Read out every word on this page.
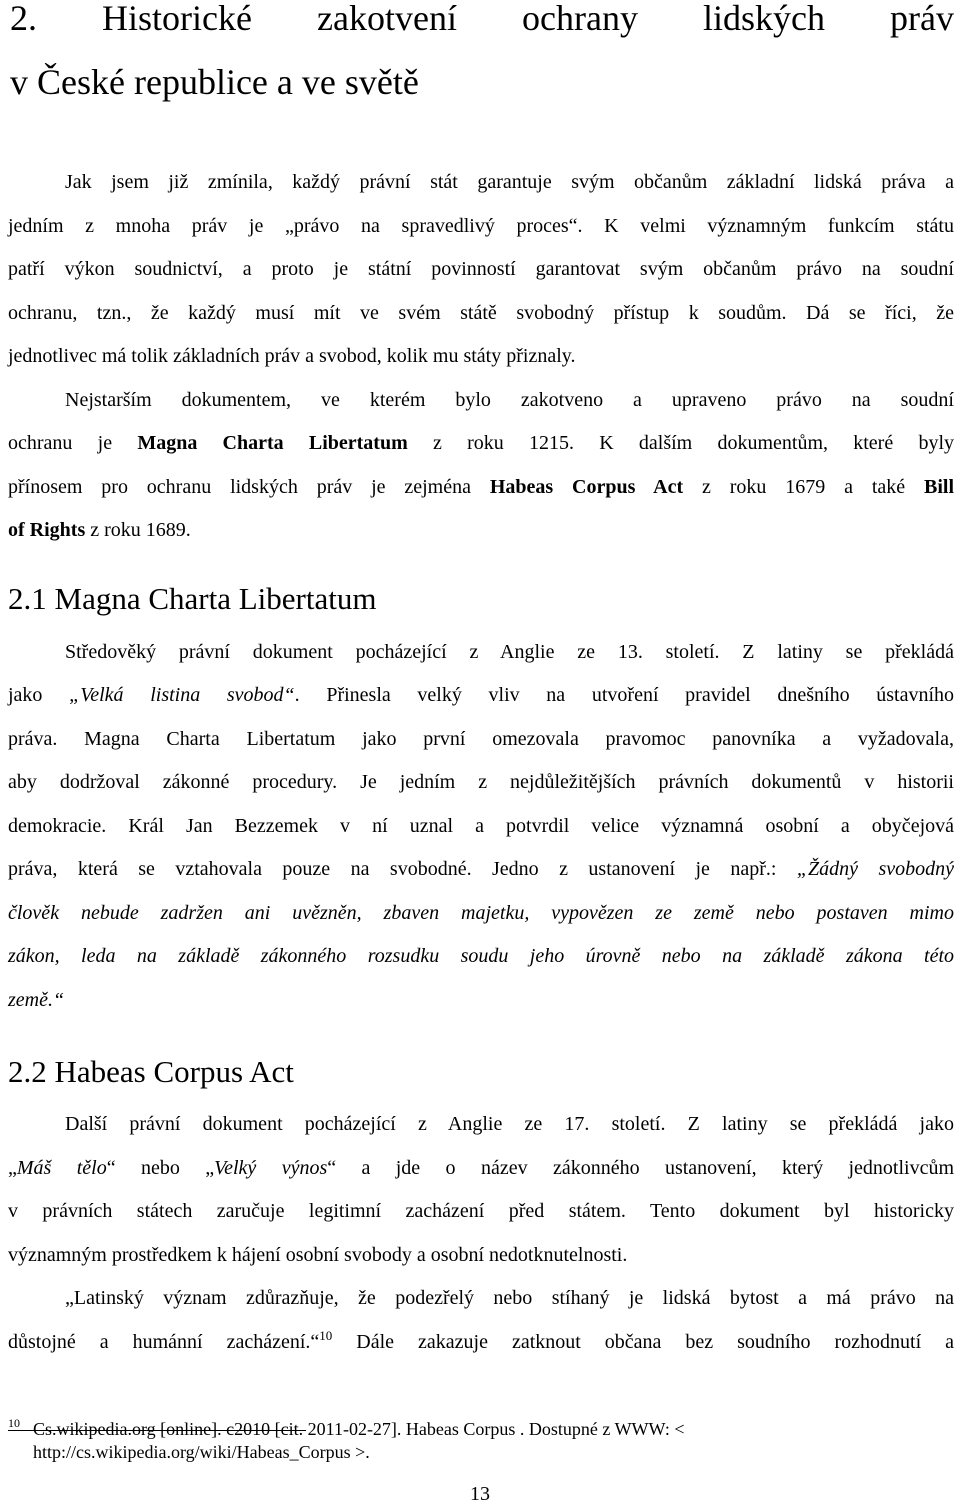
2. Historické zakotvení ochrany lidských práv
v České republice a ve světě
Jak jsem již zmínila, každý právní stát garantuje svým občanům základní lidská práva a
jedním z mnoha práv je „právo na spravedlivý proces“. K velmi významným funkcím státu
patří výkon soudnictví, a proto je státní povinností garantovat svým občanům právo na soudní
ochranu, tzn., že každý musí mít ve svém státě svobodný přístup k soudům. Dá se říci, že
jednotlivec má tolik základních práv a svobod, kolik mu státy přiznaly.
Nejstarším dokumentem, ve kterém bylo zakotveno a upraveno právo na soudní
ochranu je Magna Charta Libertatum z roku 1215. K dalším dokumentům, které byly
přínosem pro ochranu lidských práv je zejména Habeas Corpus Act z roku 1679 a také Bill
of Rights z roku 1689.
2.1 Magna Charta Libertatum
Středověký právní dokument pocházející z Anglie ze 13. století. Z latiny se překládá
jako „Velká listina svobod“. Přinesla velký vliv na utvoření pravidel dnešního ústavního
práva. Magna Charta Libertatum jako první omezovala pravomoc panovníka a vyžadovala,
aby dodržoval zákonné procedury. Je jedním z nejdůležitějších právních dokumentů v historii
demokracie. Král Jan Bezzemek v ní uznal a potvrdil velice významná osobní a obyčejová
práva, která se vztahovala pouze na svobodné. Jedno z ustanovení je např.: „Žádný svobodný
člověk nebude zadržen ani uvězněn, zbaven majetku, vypovězen ze země nebo postaven mimo
zákon, leda na základě zákonného rozsudku soudu jeho úrovně nebo na základě zákona této
země.“
2.2 Habeas Corpus Act
Další právní dokument pocházející z Anglie ze 17. století. Z latiny se překládá jako
„Máš tělo“ nebo „Velký výnos“ a jde o název zákonného ustanovení, který jednotlivcům
v právních státech zaručuje legitimní zacházení před státem. Tento dokument byl historicky
významným prostředkem k hájení osobní svobody a osobní nedotknutelnosti.
„Latinský význam zdůrazňuje, že podezřelý nebo stíhaný je lidská bytost a má právo na
důstojné a humánní zacházení.“$^{10}$ Dále zakazuje zatknout občana bez soudního rozhodnutí a
10 Cs.wikipedia.org [online]. c2010 [cit. 2011-02-27]. Habeas Corpus . Dostupné z WWW: <
http://cs.wikipedia.org/wiki/Habeas_Corpus >.
13
